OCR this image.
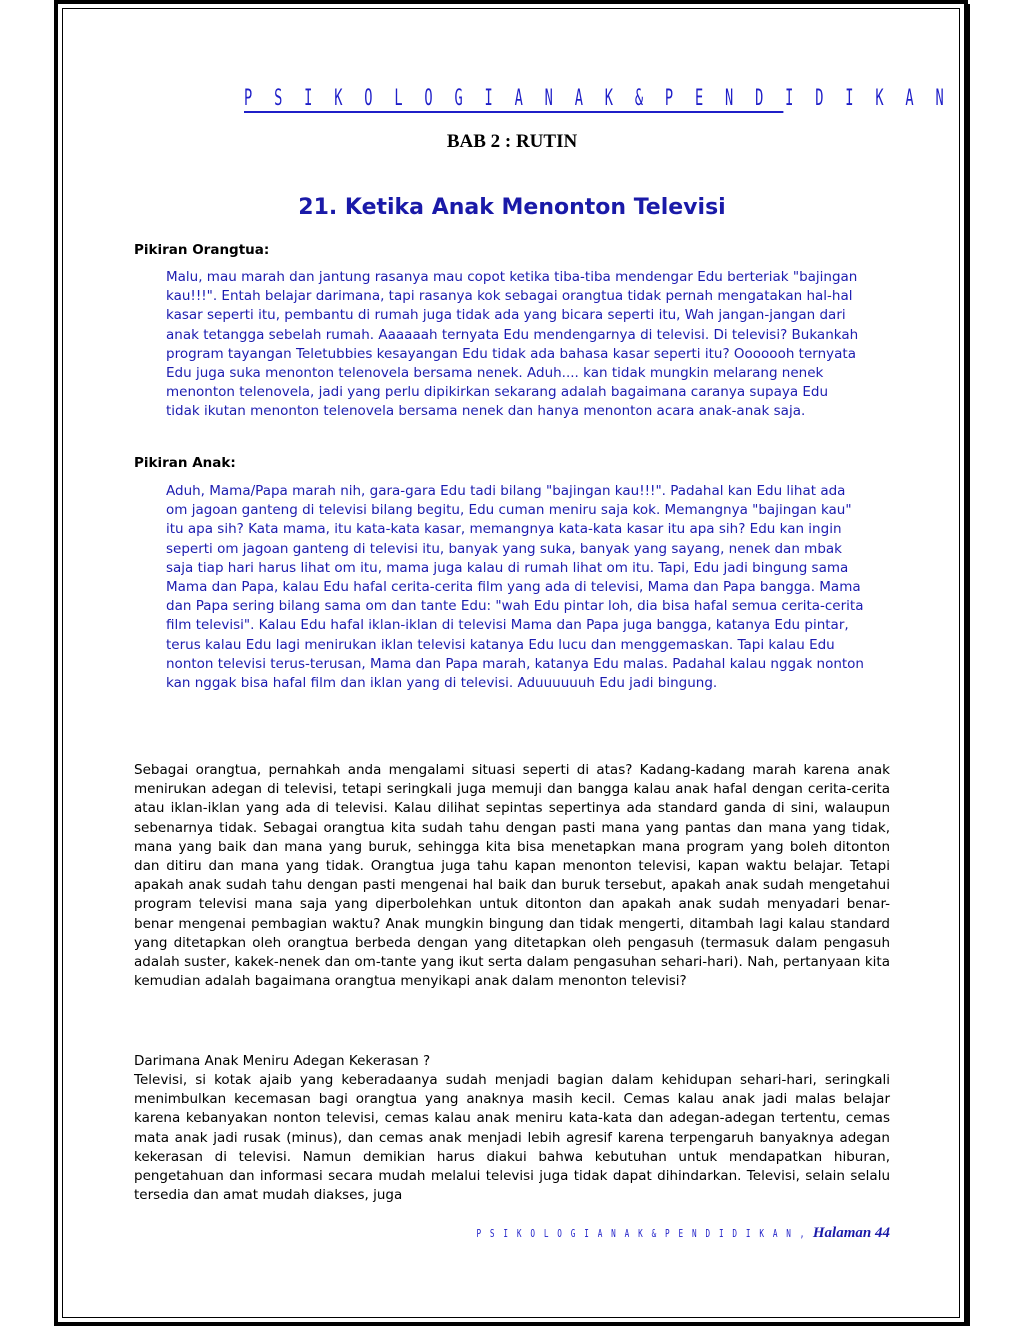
P S I K O L O G I A N A K & P E N D I D I K A N
BAB 2 : RUTIN
21. Ketika Anak Menonton Televisi
Pikiran Orangtua:
Malu, mau marah dan jantung rasanya mau copot ketika tiba-tiba mendengar Edu berteriak "bajingan kau!!!". Entah belajar darimana, tapi rasanya kok sebagai orangtua tidak pernah mengatakan hal-hal kasar seperti itu, pembantu di rumah juga tidak ada yang bicara seperti itu, Wah jangan-jangan dari anak tetangga sebelah rumah. Aaaaaah ternyata Edu mendengarnya di televisi. Di televisi? Bukankah program tayangan Teletubbies kesayangan Edu tidak ada bahasa kasar seperti itu? Ooooooh ternyata Edu juga suka menonton telenovela bersama nenek. Aduh.... kan tidak mungkin melarang nenek menonton telenovela, jadi yang perlu dipikirkan sekarang adalah bagaimana caranya supaya Edu tidak ikutan menonton telenovela bersama nenek dan hanya menonton acara anak-anak saja.
Pikiran Anak:
Aduh, Mama/Papa marah nih, gara-gara Edu tadi bilang "bajingan kau!!!". Padahal kan Edu lihat ada om jagoan ganteng di televisi bilang begitu, Edu cuman meniru saja kok. Memangnya "bajingan kau" itu apa sih? Kata mama, itu kata-kata kasar, memangnya kata-kata kasar itu apa sih? Edu kan ingin seperti om jagoan ganteng di televisi itu, banyak yang suka, banyak yang sayang, nenek dan mbak saja tiap hari harus lihat om itu, mama juga kalau di rumah lihat om itu. Tapi, Edu jadi bingung sama Mama dan Papa, kalau Edu hafal cerita-cerita film yang ada di televisi, Mama dan Papa bangga. Mama dan Papa sering bilang sama om dan tante Edu: "wah Edu pintar loh, dia bisa hafal semua cerita-cerita film televisi". Kalau Edu hafal iklan-iklan di televisi Mama dan Papa juga bangga, katanya Edu pintar, terus kalau Edu lagi menirukan iklan televisi katanya Edu lucu dan menggemaskan. Tapi kalau Edu nonton televisi terus-terusan, Mama dan Papa marah, katanya Edu malas. Padahal kalau nggak nonton kan nggak bisa hafal film dan iklan yang di televisi. Aduuuuuuh Edu jadi bingung.
Sebagai orangtua, pernahkah anda mengalami situasi seperti di atas? Kadang-kadang marah karena anak menirukan adegan di televisi, tetapi seringkali juga memuji dan bangga kalau anak hafal dengan cerita-cerita atau iklan-iklan yang ada di televisi. Kalau dilihat sepintas sepertinya ada standard ganda di sini, walaupun sebenarnya tidak. Sebagai orangtua kita sudah tahu dengan pasti mana yang pantas dan mana yang tidak, mana yang baik dan mana yang buruk, sehingga kita bisa menetapkan mana program yang boleh ditonton dan ditiru dan mana yang tidak. Orangtua juga tahu kapan menonton televisi, kapan waktu belajar. Tetapi apakah anak sudah tahu dengan pasti mengenai hal baik dan buruk tersebut, apakah anak sudah mengetahui program televisi mana saja yang diperbolehkan untuk ditonton dan apakah anak sudah menyadari benar-benar mengenai pembagian waktu? Anak mungkin bingung dan tidak mengerti, ditambah lagi kalau standard yang ditetapkan oleh orangtua berbeda dengan yang ditetapkan oleh pengasuh (termasuk dalam pengasuh adalah suster, kakek-nenek dan om-tante yang ikut serta dalam pengasuhan sehari-hari). Nah, pertanyaan kita kemudian adalah bagaimana orangtua menyikapi anak dalam menonton televisi?
Darimana Anak Meniru Adegan Kekerasan ?
Televisi, si kotak ajaib yang keberadaanya sudah menjadi bagian dalam kehidupan sehari-hari, seringkali menimbulkan kecemasan bagi orangtua yang anaknya masih kecil. Cemas kalau anak jadi malas belajar karena kebanyakan nonton televisi, cemas kalau anak meniru kata-kata dan adegan-adegan tertentu, cemas mata anak jadi rusak (minus), dan cemas anak menjadi lebih agresif karena terpengaruh banyaknya adegan kekerasan di televisi. Namun demikian harus diakui bahwa kebutuhan untuk mendapatkan hiburan, pengetahuan dan informasi secara mudah melalui televisi juga tidak dapat dihindarkan. Televisi, selain selalu tersedia dan amat mudah diakses, juga
P S I K O L O G I A N A K & P E N D I D I K A N , Halaman 44
